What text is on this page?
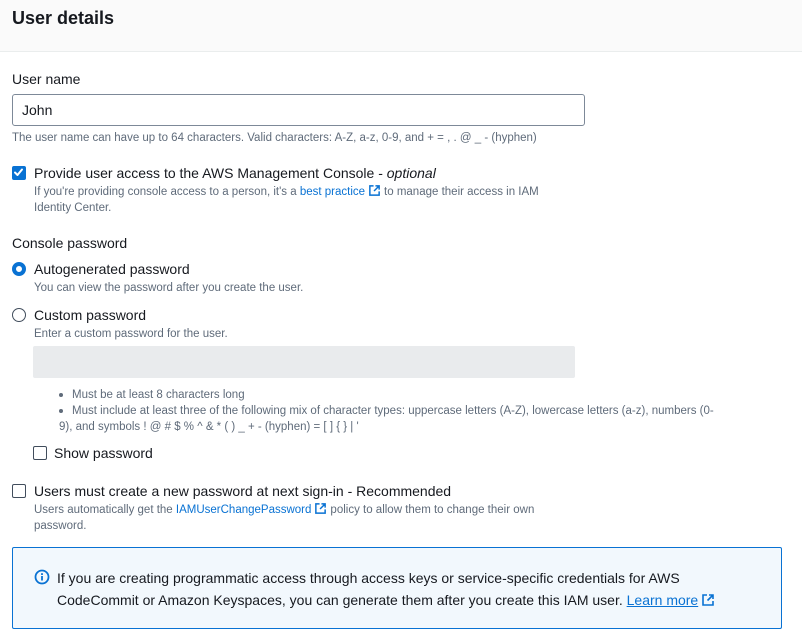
User details
User name
John
The user name can have up to 64 characters. Valid characters: A-Z, a-z, 0-9, and + = , . @ _ - (hyphen)
Provide user access to the AWS Management Console - optional
If you're providing console access to a person, it's a best practice to manage their access in IAM
Identity Center.
Console password
Autogenerated password
You can view the password after you create the user.
Custom password
Enter a custom password for the user.
Must be at least 8 characters long
Must include at least three of the following mix of character types: uppercase letters (A-Z), lowercase letters (a-z), numbers (0-
9), and symbols ! @ # $ % ^ & * ( ) _ + - (hyphen) = [ ] { } | '
Show password
Users must create a new password at next sign-in - Recommended
Users automatically get the IAMUserChangePassword policy to allow them to change their own
password.
If you are creating programmatic access through access keys or service-specific credentials for AWS
CodeCommit or Amazon Keyspaces, you can generate them after you create this IAM user. Learn more
